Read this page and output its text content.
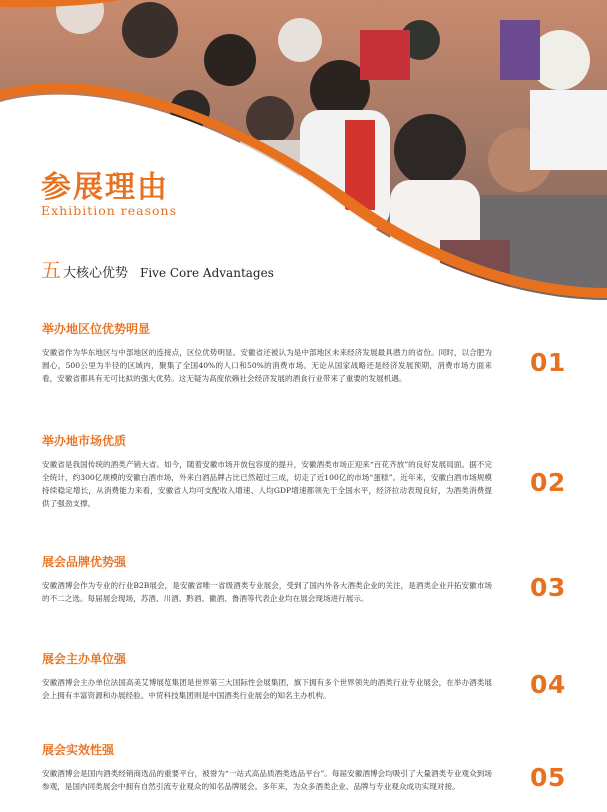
参展理由
Exhibition reasons
五 大核心优势 Five Core Advantages
举办地区位优势明显

安徽省作为华东地区与中部地区的连接点，区位优势明显。安徽省还被认为是中部地区未来经济发展最具潜力的省份。同时，以合肥为圆心，500公里为半径的区域内，聚集了全国40%的人口和50%的消费市场。无论从国家战略还是经济发展预期，消费市场方面来看，安徽省都具有无可比拟的强大优势。这无疑为高度依赖社会经济发展的酒食行业带来了重要的发展机遇。

01
举办地市场优质

安徽省是我国传统的酒类产销大省。如今，随着安徽市场开放包容度的提升，安徽酒类市场正迎来“百花齐放”的良好发展局面。据不完全统计，约300亿规模的安徽白酒市场，外来白酒品牌占比已然超过三成，切走了近100亿的市场“蛋糕”。近年来，安徽白酒市场规模持续稳定增长，从消费能力来看，安徽省人均可支配收入增速、人均GDP增速都领先于全国水平，经济拉动表现良好，为酒类消费提供了强劲支撑。

02
展会品牌优势强

安徽酒博会作为专业的行业B2B展会，是安徽省唯一省级酒类专业展会，受到了国内外各大酒类企业的关注，是酒类企业开拓安徽市场的不二之选。每届展会现场，苏酒、川酒、黔酒、徽酒、鲁酒等代表企业均在展会现场进行展示。	03
展会主办单位强

安徽酒博会主办单位法国高美艾博展览集团是世界第三大国际性会展集团，旗下拥有多个世界领先的酒类行业专业展会，在举办酒类展会上拥有丰富资源和办展经验。中贸科技集团则是中国酒类行业展会的知名主办机构。	04
展会实效性强

安徽酒博会是国内酒类经销商选品的重要平台，被誉为“一站式高品质酒类选品平台”。每届安徽酒博会均吸引了大量酒类专业观众到场参观，是国内同类展会中拥有自然引流专业观众的知名品牌展会。多年来，为众多酒类企业、品牌与专业观众成功实现对接。	05
